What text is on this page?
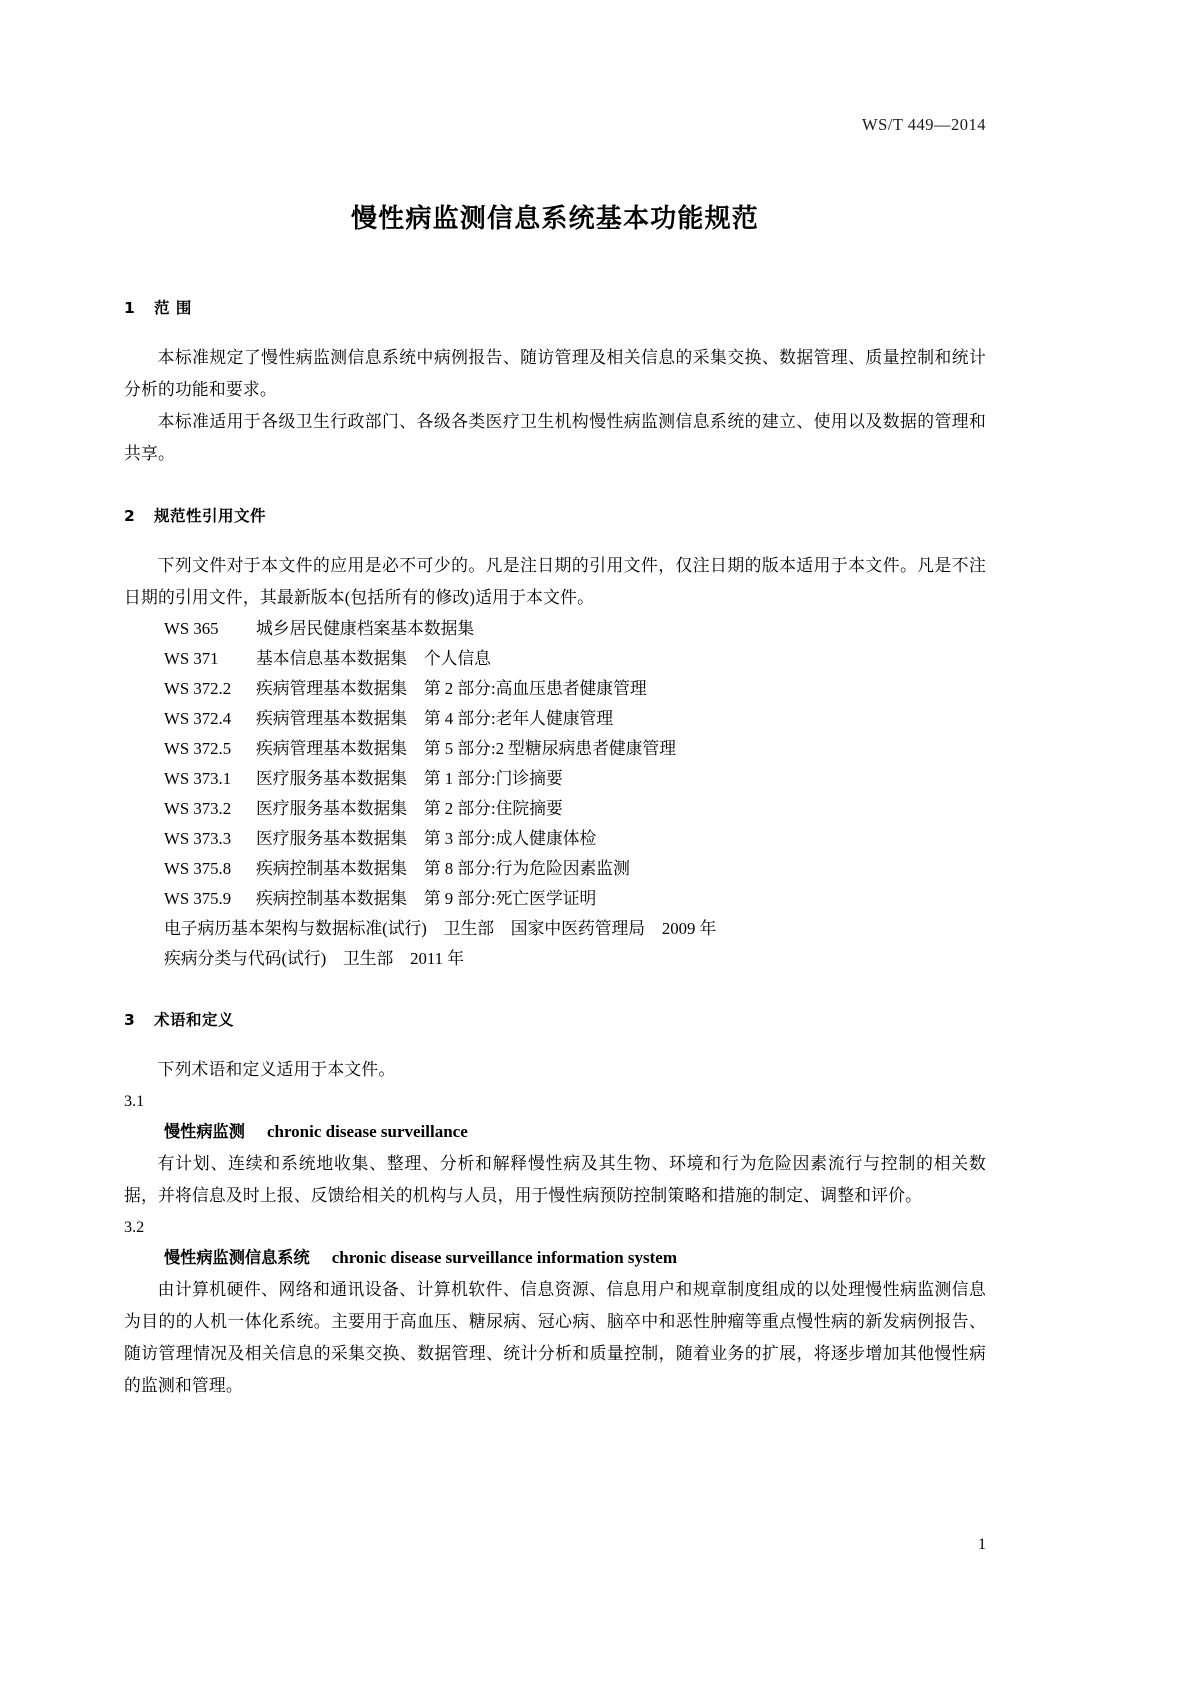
WS/T 449—2014
慢性病监测信息系统基本功能规范
1 范 围

本标准规定了慢性病监测信息系统中病例报告、随访管理及相关信息的采集交换、数据管理、质量控制和统计分析的功能和要求。

本标准适用于各级卫生行政部门、各级各类医疗卫生机构慢性病监测信息系统的建立、使用以及数据的管理和共享。

2 规范性引用文件

下列文件对于本文件的应用是必不可少的。凡是注日期的引用文件，仅注日期的版本适用于本文件。凡是不注日期的引用文件，其最新版本(包括所有的修改)适用于本文件。

WS 365 城乡居民健康档案基本数据集
WS 371 基本信息基本数据集　个人信息
WS 372.2 疾病管理基本数据集　第 2 部分:高血压患者健康管理
WS 372.4 疾病管理基本数据集　第 4 部分:老年人健康管理
WS 372.5 疾病管理基本数据集　第 5 部分:2 型糖尿病患者健康管理
WS 373.1 医疗服务基本数据集　第 1 部分:门诊摘要
WS 373.2 医疗服务基本数据集　第 2 部分:住院摘要
WS 373.3 医疗服务基本数据集　第 3 部分:成人健康体检
WS 375.8 疾病控制基本数据集　第 8 部分:行为危险因素监测
WS 375.9 疾病控制基本数据集　第 9 部分:死亡医学证明
电子病历基本架构与数据标准(试行)　卫生部　国家中医药管理局　2009 年
疾病分类与代码(试行)　卫生部　2011 年
3 术语和定义

下列术语和定义适用于本文件。

3.1

慢性病监测 chronic disease surveillance

有计划、连续和系统地收集、整理、分析和解释慢性病及其生物、环境和行为危险因素流行与控制的相关数据，并将信息及时上报、反馈给相关的机构与人员，用于慢性病预防控制策略和措施的制定、调整和评价。

3.2

慢性病监测信息系统 chronic disease surveillance information system

由计算机硬件、网络和通讯设备、计算机软件、信息资源、信息用户和规章制度组成的以处理慢性病监测信息为目的的人机一体化系统。主要用于高血压、糖尿病、冠心病、脑卒中和恶性肿瘤等重点慢性病的新发病例报告、随访管理情况及相关信息的采集交换、数据管理、统计分析和质量控制，随着业务的扩展，将逐步增加其他慢性病的监测和管理。

1
